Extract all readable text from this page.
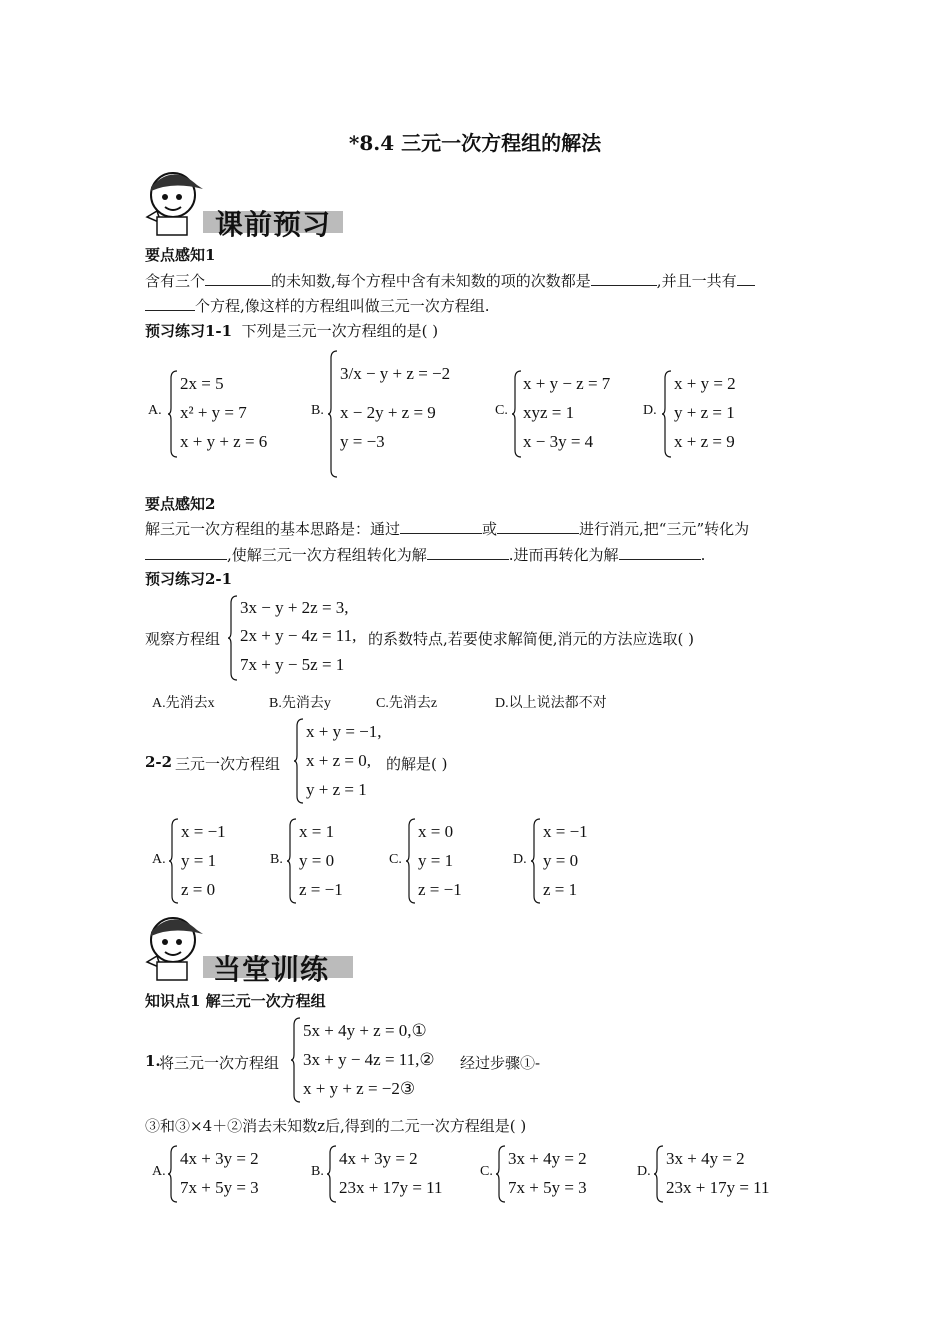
*8.4 三元一次方程组的解法
课前预习
要点感知1
含有三个	的未知数,每个方程中含有未知数的项的次数都是	,并且一共有
个方程,像这样的方程组叫做三元一次方程组.
预习练习1-1 下列是三元一次方程组的是( )
A.
2x = 5
x² + y = 7
x + y + z = 6
B.
3/x − y + z = −2
x − 2y + z = 9
y = −3
C.
x + y − z = 7
xyz = 1
x − 3y = 4
D.
x + y = 2
y + z = 1
x + z = 9
要点感知2
解三元一次方程组的基本思路是：通过	或	进行消元,把“三元”转化为
,使解三元一次方程组转化为解	.进而再转化为解	.
预习练习2-1
观察方程组
3x − y + 2z = 3,
2x + y − 4z = 11,
7x + y − 5z = 1
的系数特点,若要使求解简便,消元的方法应选取( )
A.先消去x	B.先消去y	C.先消去z	D.以上说法都不对
2-2 三元一次方程组
x + y = −1,
x + z = 0,
y + z = 1
的解是( )
A.
x = −1
y = 1
z = 0
B.
x = 1
y = 0
z = −1
C.
x = 0
y = 1
z = −1
D.
x = −1
y = 0
z = 1
当堂训练
知识点1 解三元一次方程组
1.
将三元一次方程组
5x + 4y + z = 0,①
3x + y − 4z = 11,②
x + y + z = −2③
经过步骤①-
③和③×4＋②消去未知数z后,得到的二元一次方程组是( )
A.
4x + 3y = 2
7x + 5y = 3
B.
4x + 3y = 2
23x + 17y = 11
C.
3x + 4y = 2
7x + 5y = 3
D.
3x + 4y = 2
23x + 17y = 11
